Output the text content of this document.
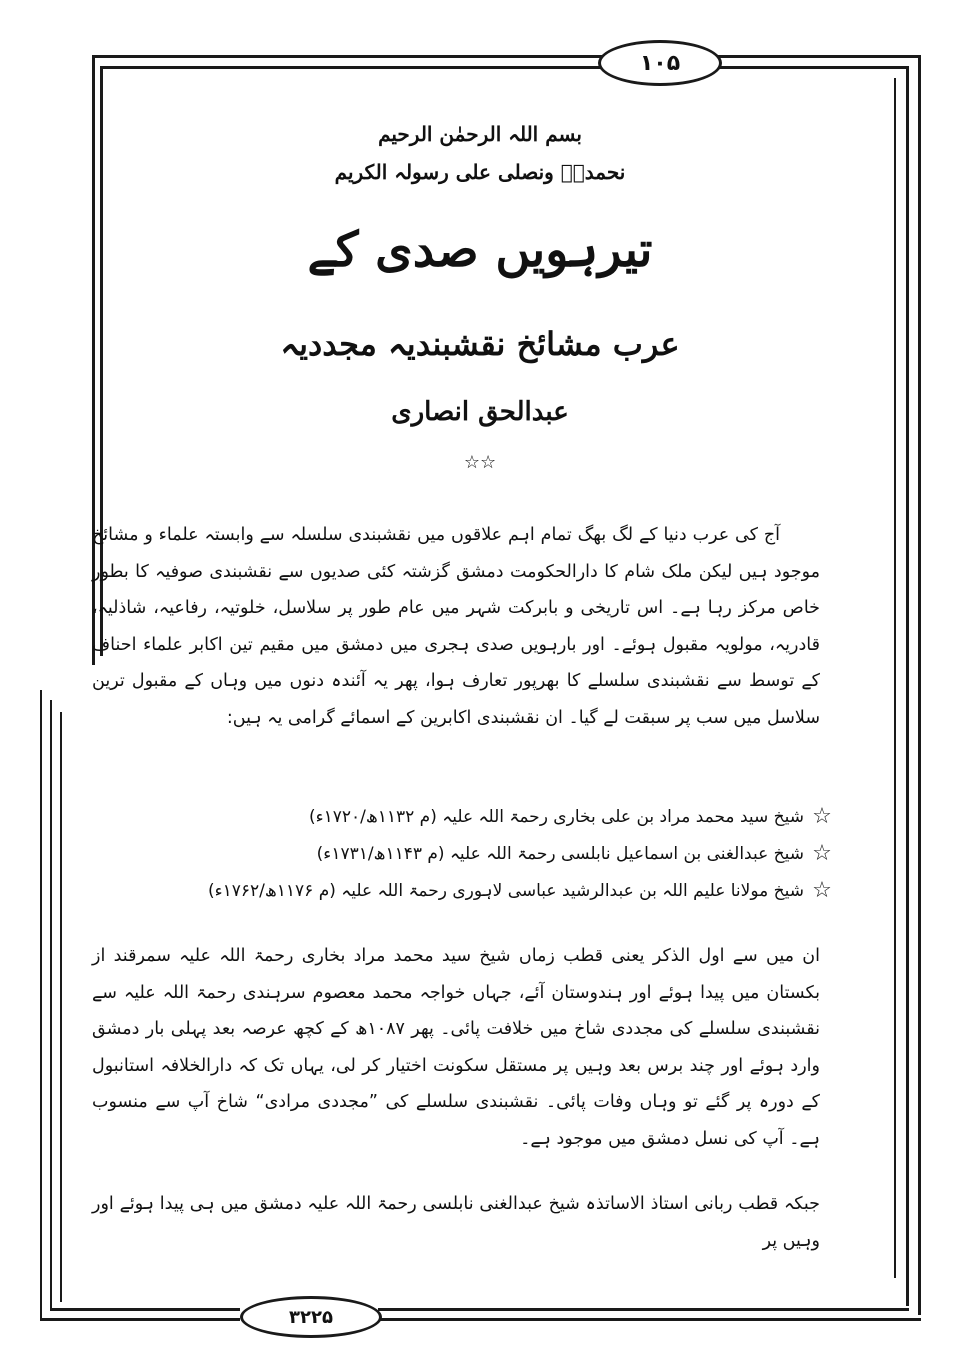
۱۰۵
بسم اللہ الرحمٰن الرحیم
نحمدہٗ ونصلی علی رسولہ الکریم
تیرہویں صدی کے
عرب مشائخ نقشبندیہ مجددیہ
عبدالحق انصاری
☆☆

آج کی عرب دنیا کے لگ بھگ تمام اہم علاقوں میں نقشبندی سلسلہ سے وابستہ علماء و مشائخ موجود ہیں لیکن ملک شام کا دارالحکومت دمشق گزشتہ کئی صدیوں سے نقشبندی صوفیہ کا بطور خاص مرکز رہا ہے۔ اس تاریخی و بابرکت شہر میں عام طور پر سلاسل، خلوتیہ، رفاعیہ، شاذلیہ، قادریہ، مولویہ مقبول ہوئے۔ اور بارہویں صدی ہجری میں دمشق میں مقیم تین اکابر علماء احناف کے توسط سے نقشبندی سلسلے کا بھرپور تعارف ہوا، پھر یہ آئندہ دنوں میں وہاں کے مقبول ترین سلاسل میں سب پر سبقت لے گیا۔ ان نقشبندی اکابرین کے اسمائے گرامی یہ ہیں:

☆
شیخ سید محمد مراد بن علی بخاری رحمۃ اللہ علیہ (م ۱۱۳۲ھ/۱۷۲۰ء)
☆
شیخ عبدالغنی بن اسماعیل نابلسی رحمۃ اللہ علیہ (م ۱۱۴۳ھ/۱۷۳۱ء)
☆
شیخ مولانا علیم اللہ بن عبدالرشید عباسی لاہوری رحمۃ اللہ علیہ (م ۱۱۷۶ھ/۱۷۶۲ء)

ان میں سے اول الذکر یعنی قطب زماں شیخ سید محمد مراد بخاری رحمۃ اللہ علیہ سمرقند از بکستان میں پیدا ہوئے اور ہندوستان آئے، جہاں خواجہ محمد معصوم سرہندی رحمۃ اللہ علیہ سے نقشبندی سلسلے کی مجددی شاخ میں خلافت پائی۔ پھر ۱۰۸۷ھ کے کچھ عرصہ بعد پہلی بار دمشق وارد ہوئے اور چند برس بعد وہیں پر مستقل سکونت اختیار کر لی، یہاں تک کہ دارالخلافہ استانبول کے دورہ پر گئے تو وہاں وفات پائی۔ نقشبندی سلسلے کی ”مجددی مرادی“ شاخ آپ سے منسوب ہے۔ آپ کی نسل دمشق میں موجود ہے۔

جبکہ قطب ربانی استاذ الاساتذہ شیخ عبدالغنی نابلسی رحمۃ اللہ علیہ دمشق میں ہی پیدا ہوئے اور وہیں پر

۳۲۲۵
